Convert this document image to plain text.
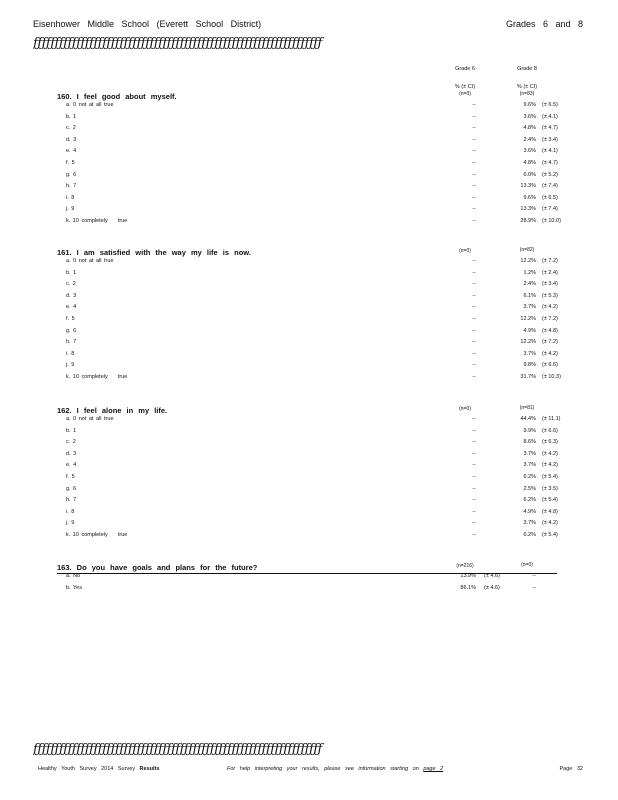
Eisenhower Middle School (Everett School District)	Grades 6 and 8
ƒƒƒƒƒƒƒƒƒƒƒƒƒƒƒƒƒƒƒƒƒƒƒƒƒƒƒƒƒƒƒƒƒƒƒƒƒƒƒƒƒƒƒƒƒƒƒƒƒƒƒƒƒƒƒƒƒƒƒƒƒƒƒƒƒƒƒ
Grade 6	Grade 8
% (± CI)	% (± CI)
160. I feel good about myself.	(n=0)	(n=83)
a. 0 not at all true	--	9.6% (± 6.5)
b. 1	--	3.6% (± 4.1)
c. 2	--	4.8% (± 4.7)
d. 3	--	2.4% (± 3.4)
e. 4	--	3.6% (± 4.1)
f. 5	--	4.8% (± 4.7)
g. 6	--	6.0% (± 5.2)
h. 7	--	13.3% (± 7.4)
i. 8	--	9.6% (± 6.5)
j. 9	--	13.3% (± 7.4)
k. 10 completely    true	--	28.9% (± 10.0)
161. I am satisfied with the way my life is now.	(n=0)	(n=82)
a. 0 not at all true	--	12.2% (± 7.2)
b. 1	--	1.2% (± 2.4)
c. 2	--	2.4% (± 3.4)
d. 3	--	6.1% (± 5.3)
e. 4	--	3.7% (± 4.2)
f. 5	--	12.2% (± 7.2)
g. 6	--	4.9% (± 4.8)
h. 7	--	12.2% (± 7.2)
i. 8	--	3.7% (± 4.2)
j. 9	--	9.8% (± 6.6)
k. 10 completely    true	--	31.7% (± 10.3)
162. I feel alone in my life.	(n=0)	(n=81)
a. 0 not at all true	--	44.4% (± 11.1)
b. 1	--	9.9% (± 6.6)
c. 2	--	8.6% (± 6.3)
d. 3	--	3.7% (± 4.2)
e. 4	--	3.7% (± 4.2)
f. 5	--	6.2% (± 5.4)
g. 6	--	2.5% (± 3.5)
h. 7	--	6.2% (± 5.4)
i. 8	--	4.9% (± 4.8)
j. 9	--	3.7% (± 4.2)
k. 10 completely    true	--	6.2% (± 5.4)
163. Do you have goals and plans for the future?	(n=216)	(n=0)
a. No	13.9% (± 4.6)	--
b. Yes	86.1% (± 4.6)	--
ƒƒƒƒƒƒƒƒƒƒƒƒƒƒƒƒƒƒƒƒƒƒƒƒƒƒƒƒƒƒƒƒƒƒƒƒƒƒƒƒƒƒƒƒƒƒƒƒƒƒƒƒƒƒƒƒƒƒƒƒƒƒƒƒƒƒƒ
Healthy Youth Survey 2014 Survey Results	For help interpreting your results, please see information starting on page 2	Page 32
